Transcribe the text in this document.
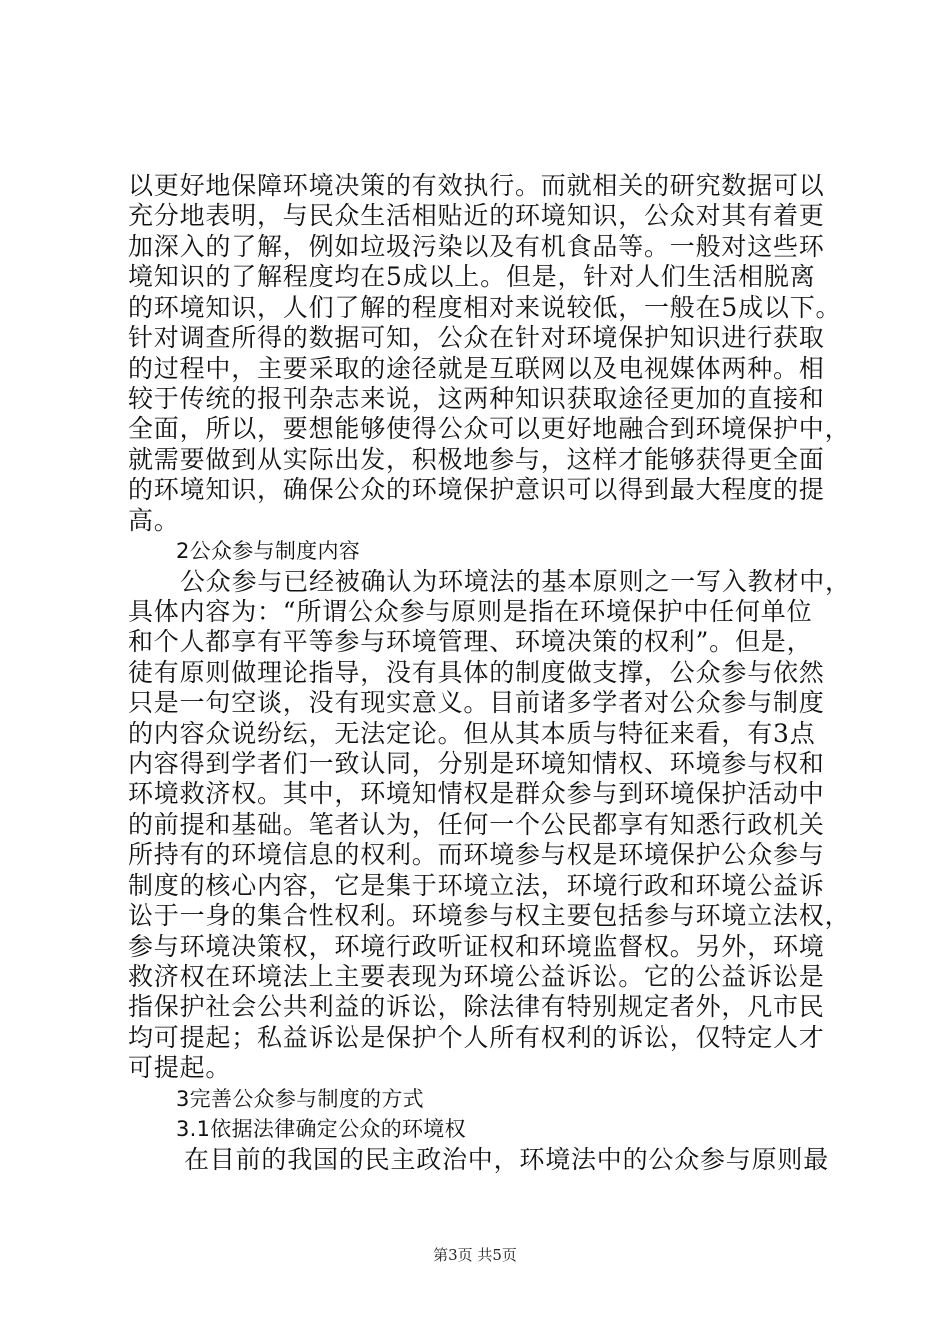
以更好地保障环境决策的有效执行。而就相关的研究数据可以
充分地表明，与民众生活相贴近的环境知识，公众对其有着更
加深入的了解，例如垃圾污染以及有机食品等。一般对这些环
境知识的了解程度均在5成以上。但是，针对人们生活相脱离
的环境知识，人们了解的程度相对来说较低，一般在5成以下。
针对调查所得的数据可知，公众在针对环境保护知识进行获取
的过程中，主要采取的途径就是互联网以及电视媒体两种。相
较于传统的报刊杂志来说，这两种知识获取途径更加的直接和
全面，所以，要想能够使得公众可以更好地融合到环境保护中，
就需要做到从实际出发，积极地参与，这样才能够获得更全面
的环境知识，确保公众的环境保护意识可以得到最大程度的提
高。
2公众参与制度内容
公众参与已经被确认为环境法的基本原则之一写入教材中，
具体内容为：“所谓公众参与原则是指在环境保护中任何单位
和个人都享有平等参与环境管理、环境决策的权利”。但是，
徒有原则做理论指导，没有具体的制度做支撑，公众参与依然
只是一句空谈，没有现实意义。目前诸多学者对公众参与制度
的内容众说纷纭，无法定论。但从其本质与特征来看，有3点
内容得到学者们一致认同，分别是环境知情权、环境参与权和
环境救济权。其中，环境知情权是群众参与到环境保护活动中
的前提和基础。笔者认为，任何一个公民都享有知悉行政机关
所持有的环境信息的权利。而环境参与权是环境保护公众参与
制度的核心内容，它是集于环境立法，环境行政和环境公益诉
讼于一身的集合性权利。环境参与权主要包括参与环境立法权，
参与环境决策权，环境行政听证权和环境监督权。另外，环境
救济权在环境法上主要表现为环境公益诉讼。它的公益诉讼是
指保护社会公共利益的诉讼，除法律有特别规定者外，凡市民
均可提起；私益诉讼是保护个人所有权利的诉讼，仅特定人才
可提起。
3完善公众参与制度的方式
3.1依据法律确定公众的环境权
在目前的我国的民主政治中，环境法中的公众参与原则最
第3页 共5页
